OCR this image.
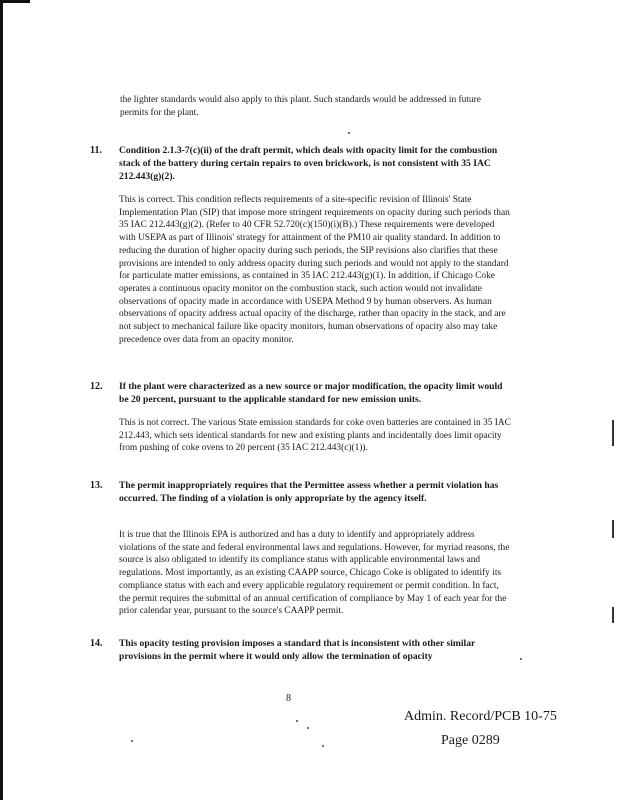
the lighter standards would also apply to this plant. Such standards would be addressed in future permits for the plant.

11. Condition 2.1.3-7(c)(ii) of the draft permit, which deals with opacity limit for the combustion stack of the battery during certain repairs to oven brickwork, is not consistent with 35 IAC 212.443(g)(2).

This is correct. This condition reflects requirements of a site-specific revision of Illinois' State Implementation Plan (SIP) that impose more stringent requirements on opacity during such periods than 35 IAC 212.443(g)(2). (Refer to 40 CFR 52.720(c)(150)(i)(B).) These requirements were developed with USEPA as part of Illinois' strategy for attainment of the PM10 air quality standard. In addition to reducing the duration of higher opacity during such periods, the SIP revisions also clarifies that these provisions are intended to only address opacity during such periods and would not apply to the standard for particulate matter emissions, as contained in 35 IAC 212.443(g)(1). In addition, if Chicago Coke operates a continuous opacity monitor on the combustion stack, such action would not invalidate observations of opacity made in accordance with USEPA Method 9 by human observers. As human observations of opacity address actual opacity of the discharge, rather than opacity in the stack, and are not subject to mechanical failure like opacity monitors, human observations of opacity also may take precedence over data from an opacity monitor.

12. If the plant were characterized as a new source or major modification, the opacity limit would be 20 percent, pursuant to the applicable standard for new emission units.

This is not correct. The various State emission standards for coke oven batteries are contained in 35 IAC 212.443, which sets identical standards for new and existing plants and incidentally does limit opacity from pushing of coke ovens to 20 percent (35 IAC 212.443(c)(1)).

13. The permit inappropriately requires that the Permittee assess whether a permit violation has occurred. The finding of a violation is only appropriate by the agency itself.

It is true that the Illinois EPA is authorized and has a duty to identify and appropriately address violations of the state and federal environmental laws and regulations. However, for myriad reasons, the source is also obligated to identify its compliance status with applicable environmental laws and regulations. Most importantly, as an existing CAAPP source, Chicago Coke is obligated to identify its compliance status with each and every applicable regulatory requirement or permit condition. In fact, the permit requires the submittal of an annual certification of compliance by May 1 of each year for the prior calendar year, pursuant to the source's CAAPP permit.

14. This opacity testing provision imposes a standard that is inconsistent with other similar provisions in the permit where it would only allow the termination of opacity
8
Admin. Record/PCB 10-75
Page 0289
